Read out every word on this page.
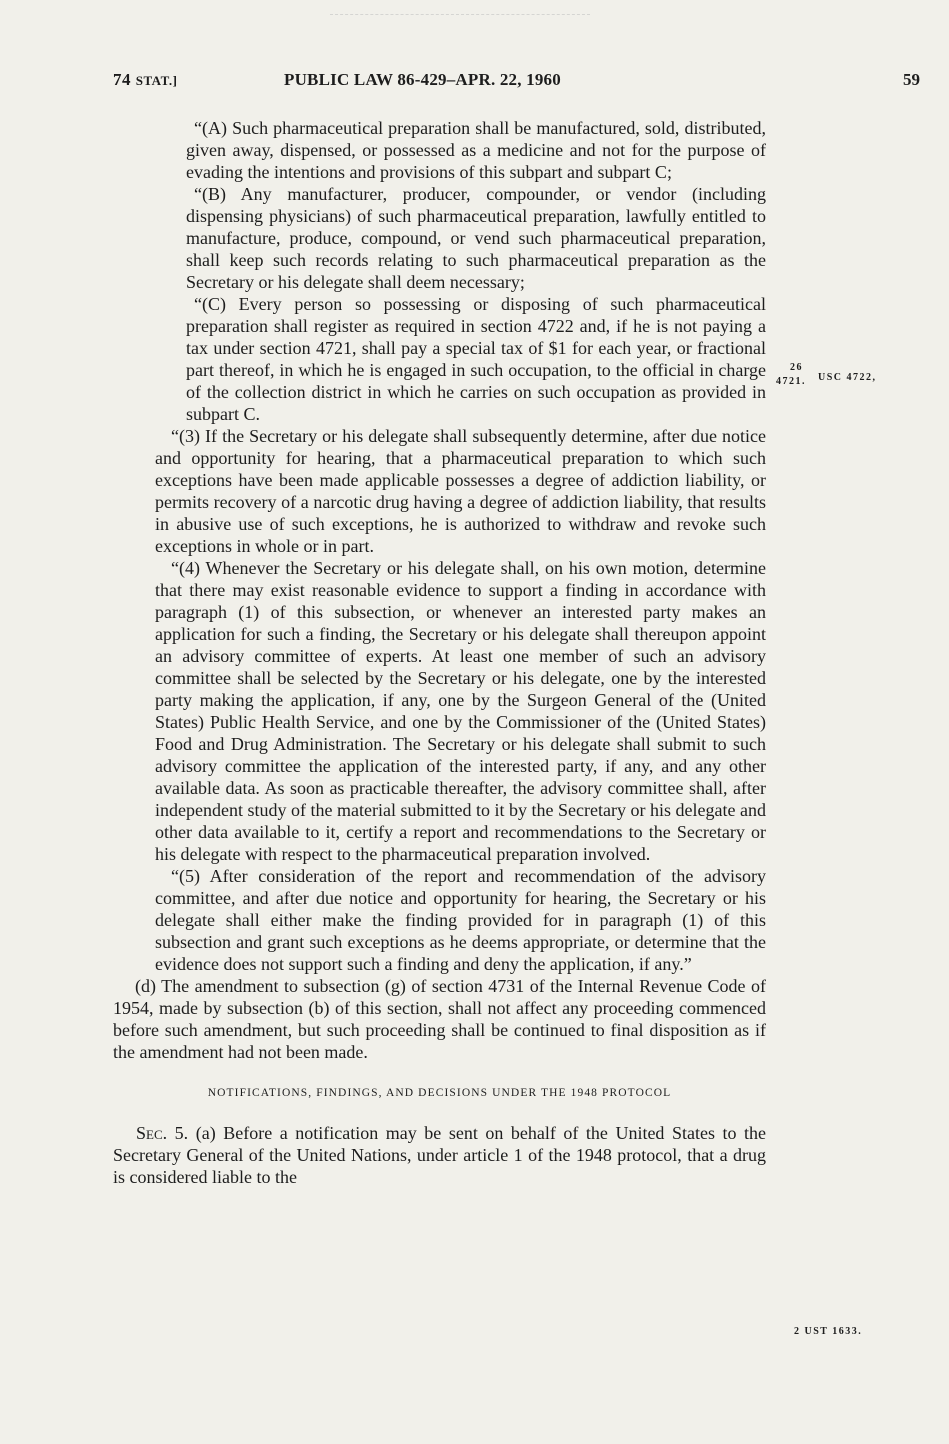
74 STAT.]	PUBLIC LAW 86-429–APR. 22, 1960	59

“(A) Such pharmaceutical preparation shall be manufactured, sold, distributed, given away, dispensed, or possessed as a medicine and not for the purpose of evading the intentions and provisions of this subpart and subpart C;

“(B) Any manufacturer, producer, compounder, or vendor (including dispensing physicians) of such pharmaceutical preparation, lawfully entitled to manufacture, produce, compound, or vend such pharmaceutical preparation, shall keep such records relating to such pharmaceutical preparation as the Secretary or his delegate shall deem necessary;

“(C) Every person so possessing or disposing of such pharmaceutical preparation shall register as required in section 4722 and, if he is not paying a tax under section 4721, shall pay a special tax of $1 for each year, or fractional part thereof, in which he is engaged in such occupation, to the official in charge of the collection district in which he carries on such occupation as provided in subpart C.

“(3) If the Secretary or his delegate shall subsequently determine, after due notice and opportunity for hearing, that a pharmaceutical preparation to which such exceptions have been made applicable possesses a degree of addiction liability, or permits recovery of a narcotic drug having a degree of addiction liability, that results in abusive use of such exceptions, he is authorized to withdraw and revoke such exceptions in whole or in part.

“(4) Whenever the Secretary or his delegate shall, on his own motion, determine that there may exist reasonable evidence to support a finding in accordance with paragraph (1) of this subsection, or whenever an interested party makes an application for such a finding, the Secretary or his delegate shall thereupon appoint an advisory committee of experts. At least one member of such an advisory committee shall be selected by the Secretary or his delegate, one by the interested party making the application, if any, one by the Surgeon General of the (United States) Public Health Service, and one by the Commissioner of the (United States) Food and Drug Administration. The Secretary or his delegate shall submit to such advisory committee the application of the interested party, if any, and any other available data. As soon as practicable thereafter, the advisory committee shall, after independent study of the material submitted to it by the Secretary or his delegate and other data available to it, certify a report and recommendations to the Secretary or his delegate with respect to the pharmaceutical preparation involved.

“(5) After consideration of the report and recommendation of the advisory committee, and after due notice and opportunity for hearing, the Secretary or his delegate shall either make the finding provided for in paragraph (1) of this subsection and grant such exceptions as he deems appropriate, or determine that the evidence does not support such a finding and deny the application, if any.”

(d) The amendment to subsection (g) of section 4731 of the Internal Revenue Code of 1954, made by subsection (b) of this section, shall not affect any proceeding commenced before such amendment, but such proceeding shall be continued to final disposition as if the amendment had not been made.

NOTIFICATIONS, FINDINGS, AND DECISIONS UNDER THE 1948 PROTOCOL

Sec. 5. (a) Before a notification may be sent on behalf of the United States to the Secretary General of the United Nations, under article 1 of the 1948 protocol, that a drug is considered liable to the

26
4721. USC 4722,
2 UST 1633.
